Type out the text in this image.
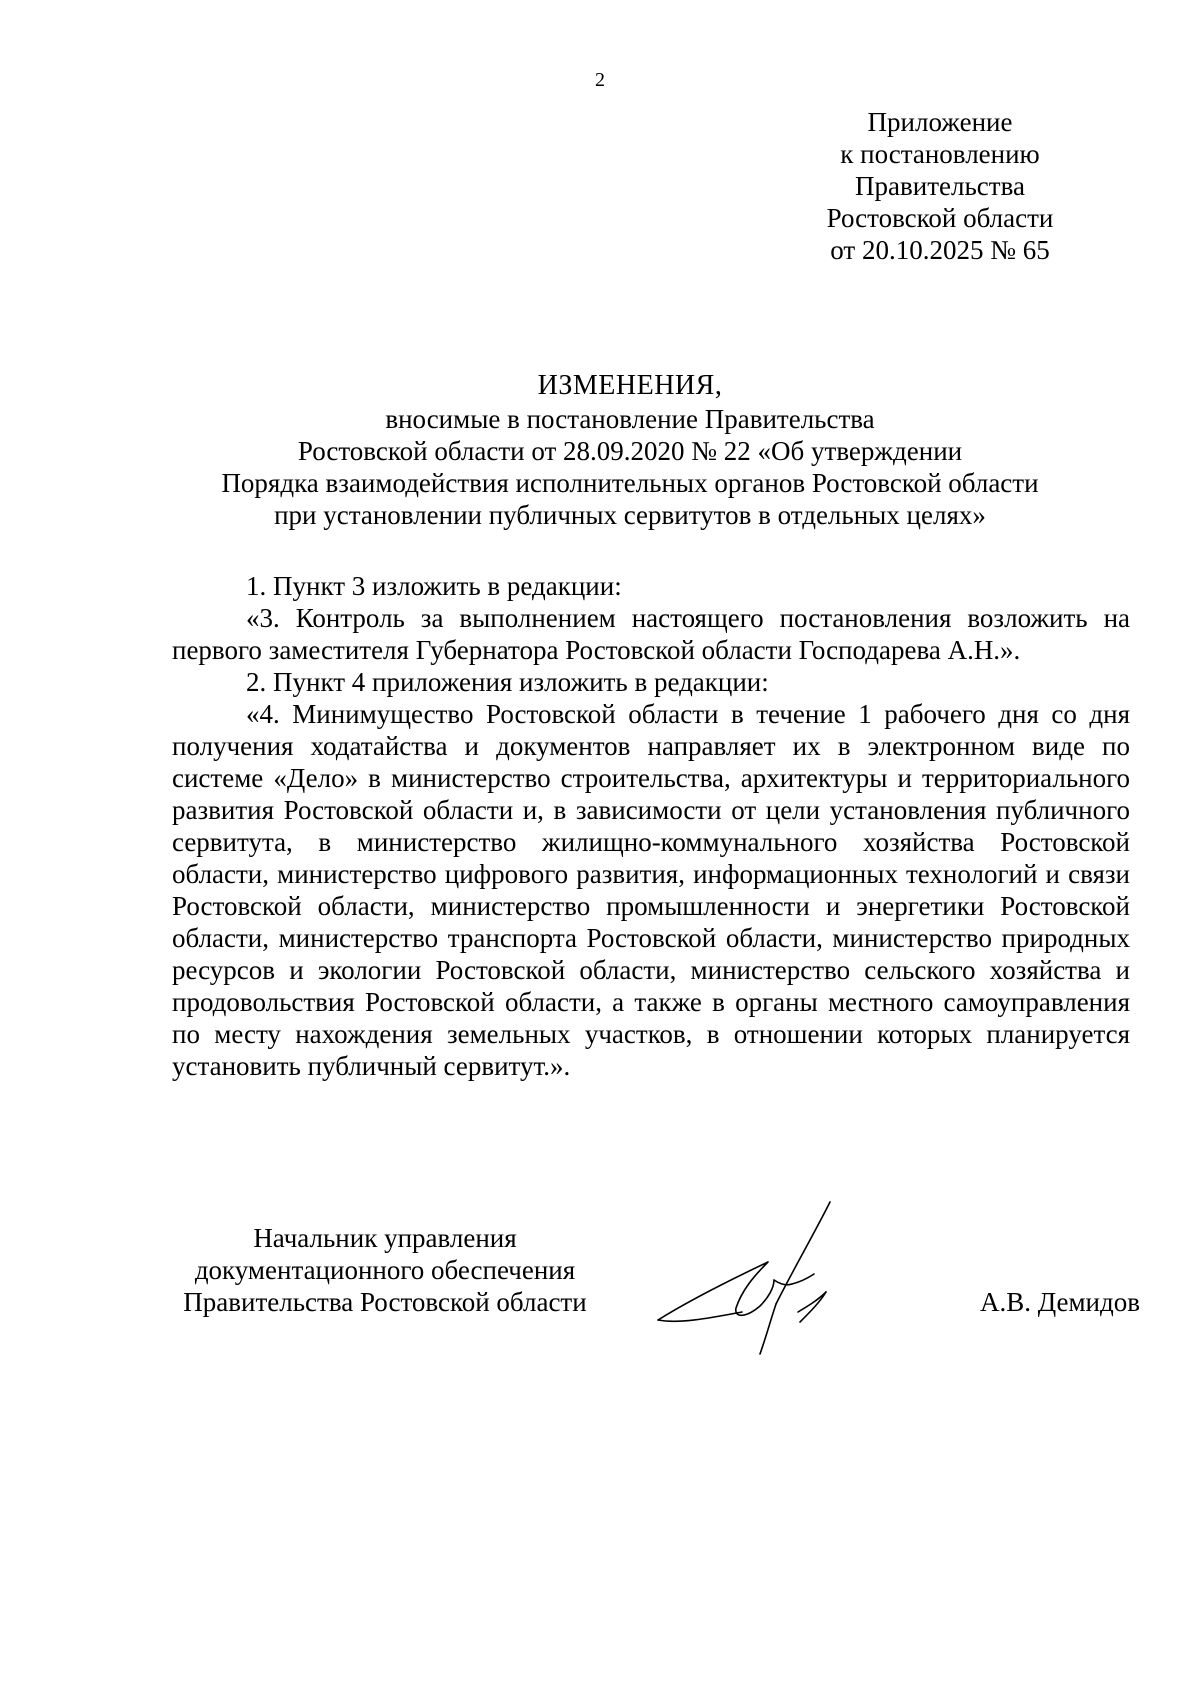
2
Приложение
к постановлению
Правительства
Ростовской области
от 20.10.2025 № 65
ИЗМЕНЕНИЯ,
вносимые в постановление Правительства
Ростовской области от 28.09.2020 № 22 «Об утверждении
Порядка взаимодействия исполнительных органов Ростовской области
при установлении публичных сервитутов в отдельных целях»

1. Пункт 3 изложить в редакции:

«3. Контроль за выполнением настоящего постановления возложить на первого заместителя Губернатора Ростовской области Господарева А.Н.».

2. Пункт 4 приложения изложить в редакции:

«4. Минимущество Ростовской области в течение 1 рабочего дня со дня получения ходатайства и документов направляет их в электронном виде по системе «Дело» в министерство строительства, архитектуры и территориального развития Ростовской области и, в зависимости от цели установления публичного сервитута, в министерство жилищно-коммунального хозяйства Ростовской области, министерство цифрового развития, информационных технологий и связи Ростовской области, министерство промышленности и энергетики Ростовской области, министерство транспорта Ростовской области, министерство природных ресурсов и экологии Ростовской области, министерство сельского хозяйства и продовольствия Ростовской области, а также в органы местного самоуправления по месту нахождения земельных участков, в отношении которых планируется установить публичный сервитут.».

Начальник управления
документационного обеспечения
Правительства Ростовской области	А.В. Демидов
